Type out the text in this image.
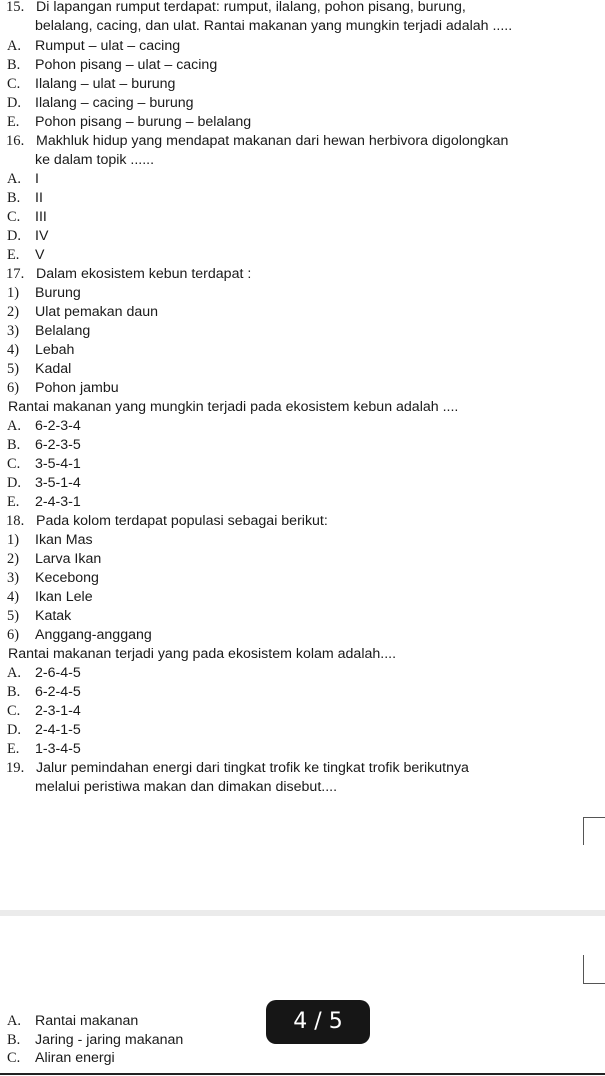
15. Di lapangan rumput terdapat: rumput, ilalang, pohon pisang, burung,
belalang, cacing, dan ulat. Rantai makanan yang mungkin terjadi adalah .....
A. Rumput – ulat – cacing
B. Pohon pisang – ulat – cacing
C. Ilalang – ulat – burung
D. Ilalang – cacing – burung
E. Pohon pisang – burung – belalang
16. Makhluk hidup yang mendapat makanan dari hewan herbivora digolongkan
ke dalam topik ......
A. I
B. II
C. III
D. IV
E. V
17. Dalam ekosistem kebun terdapat :
1) Burung
2) Ulat pemakan daun
3) Belalang
4) Lebah
5) Kadal
6) Pohon jambu
Rantai makanan yang mungkin terjadi pada ekosistem kebun adalah ....
A. 6-2-3-4
B. 6-2-3-5
C. 3-5-4-1
D. 3-5-1-4
E. 2-4-3-1
18. Pada kolom terdapat populasi sebagai berikut:
1) Ikan Mas
2) Larva Ikan
3) Kecebong
4) Ikan Lele
5) Katak
6) Anggang-anggang
Rantai makanan terjadi yang pada ekosistem kolam adalah....
A. 2-6-4-5
B. 6-2-4-5
C. 2-3-1-4
D. 2-4-1-5
E. 1-3-4-5
19. Jalur pemindahan energi dari tingkat trofik ke tingkat trofik berikutnya
melalui peristiwa makan dan dimakan disebut....
A. Rantai makanan
B. Jaring - jaring makanan
C. Aliran energi
4 / 5
